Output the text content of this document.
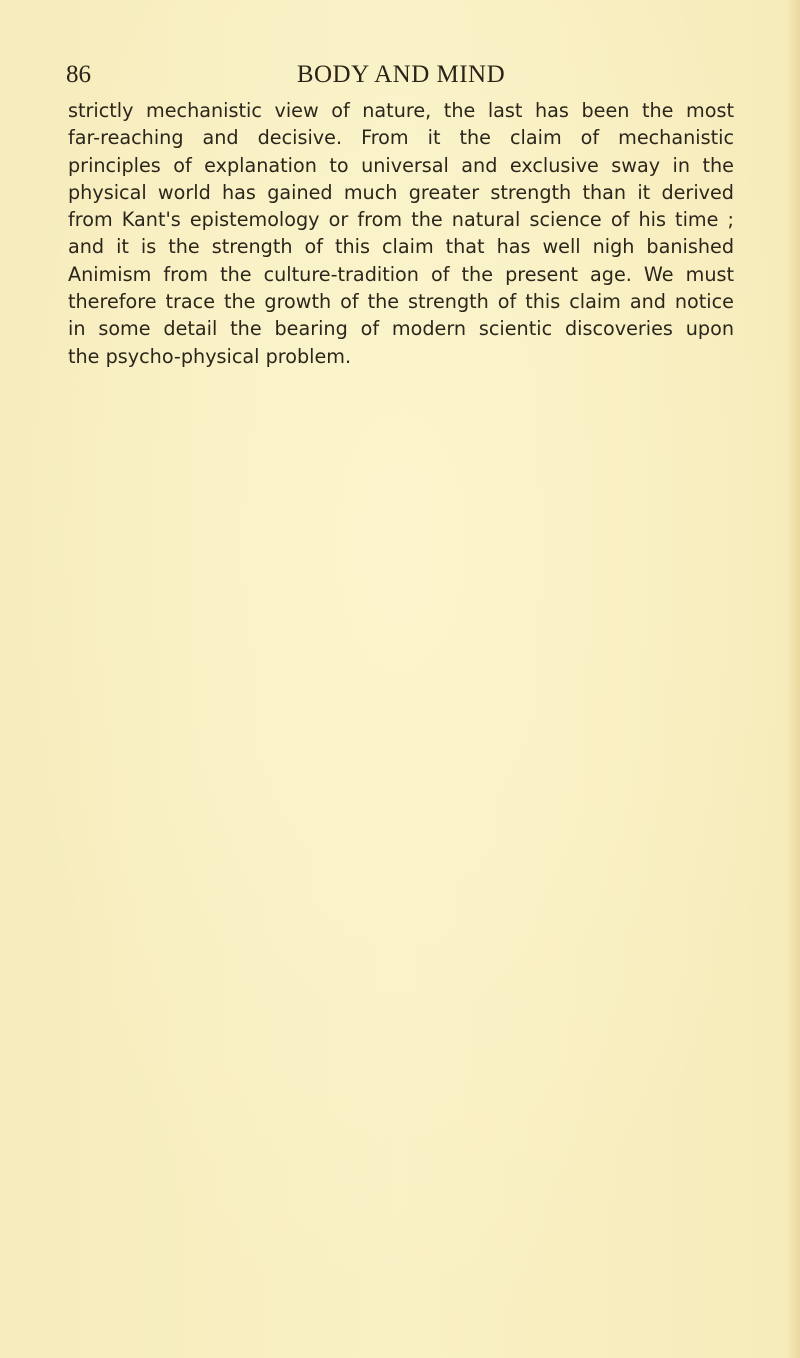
86	BODY AND MIND

strictly mechanistic view of nature, the last has been the most
far-reaching and decisive. From it the claim of mechanistic
principles of explanation to universal and exclusive sway in the
physical world has gained much greater strength than it derived
from Kant's epistemology or from the natural science of his time ;
and it is the strength of this claim that has well nigh banished
Animism from the culture-tradition of the present age. We must
therefore trace the growth of the strength of this claim and notice
in some detail the bearing of modern scientic discoveries upon
the psycho-physical problem.
